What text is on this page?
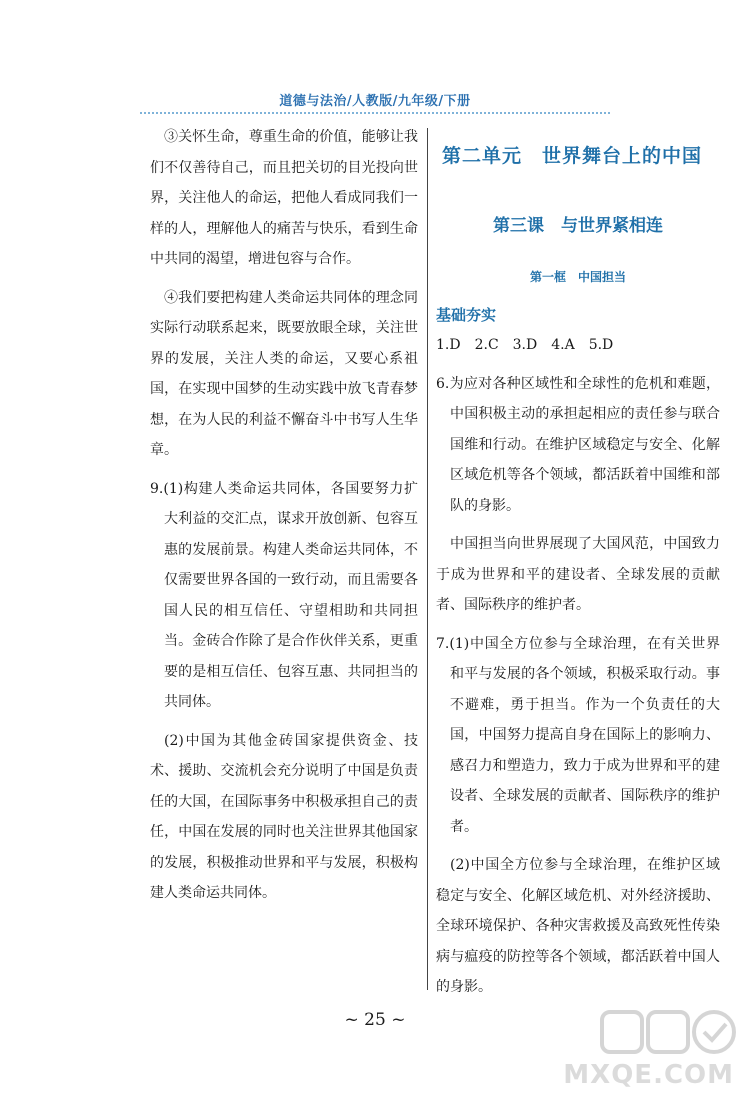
道德与法治/人教版/九年级/下册

③关怀生命，尊重生命的价值，能够让我们不仅善待自己，而且把关切的目光投向世界，关注他人的命运，把他人看成同我们一样的人，理解他人的痛苦与快乐，看到生命中共同的渴望，增进包容与合作。

④我们要把构建人类命运共同体的理念同实际行动联系起来，既要放眼全球，关注世界的发展，关注人类的命运，又要心系祖国，在实现中国梦的生动实践中放飞青春梦想，在为人民的利益不懈奋斗中书写人生华章。

9.(1)构建人类命运共同体，各国要努力扩大利益的交汇点，谋求开放创新、包容互惠的发展前景。构建人类命运共同体，不仅需要世界各国的一致行动，而且需要各国人民的相互信任、守望相助和共同担当。金砖合作除了是合作伙伴关系，更重要的是相互信任、包容互惠、共同担当的共同体。

(2)中国为其他金砖国家提供资金、技术、援助、交流机会充分说明了中国是负责任的大国，在国际事务中积极承担自己的责任，中国在发展的同时也关注世界其他国家的发展，积极推动世界和平与发展，积极构建人类命运共同体。

第二单元　世界舞台上的中国
第三课　与世界紧相连
第一框　中国担当
基础夯实

1.D　2.C　3.D　4.A　5.D

6.为应对各种区域性和全球性的危机和难题，中国积极主动的承担起相应的责任参与联合国维和行动。在维护区域稳定与安全、化解区域危机等各个领域，都活跃着中国维和部队的身影。

中国担当向世界展现了大国风范，中国致力于成为世界和平的建设者、全球发展的贡献者、国际秩序的维护者。

7.(1)中国全方位参与全球治理，在有关世界和平与发展的各个领域，积极采取行动。事不避难，勇于担当。作为一个负责任的大国，中国努力提高自身在国际上的影响力、感召力和塑造力，致力于成为世界和平的建设者、全球发展的贡献者、国际秩序的维护者。

(2)中国全方位参与全球治理，在维护区域稳定与安全、化解区域危机、对外经济援助、全球环境保护、各种灾害救援及高致死性传染病与瘟疫的防控等各个领域，都活跃着中国人的身影。

~ 25 ~
MXQE.COM
